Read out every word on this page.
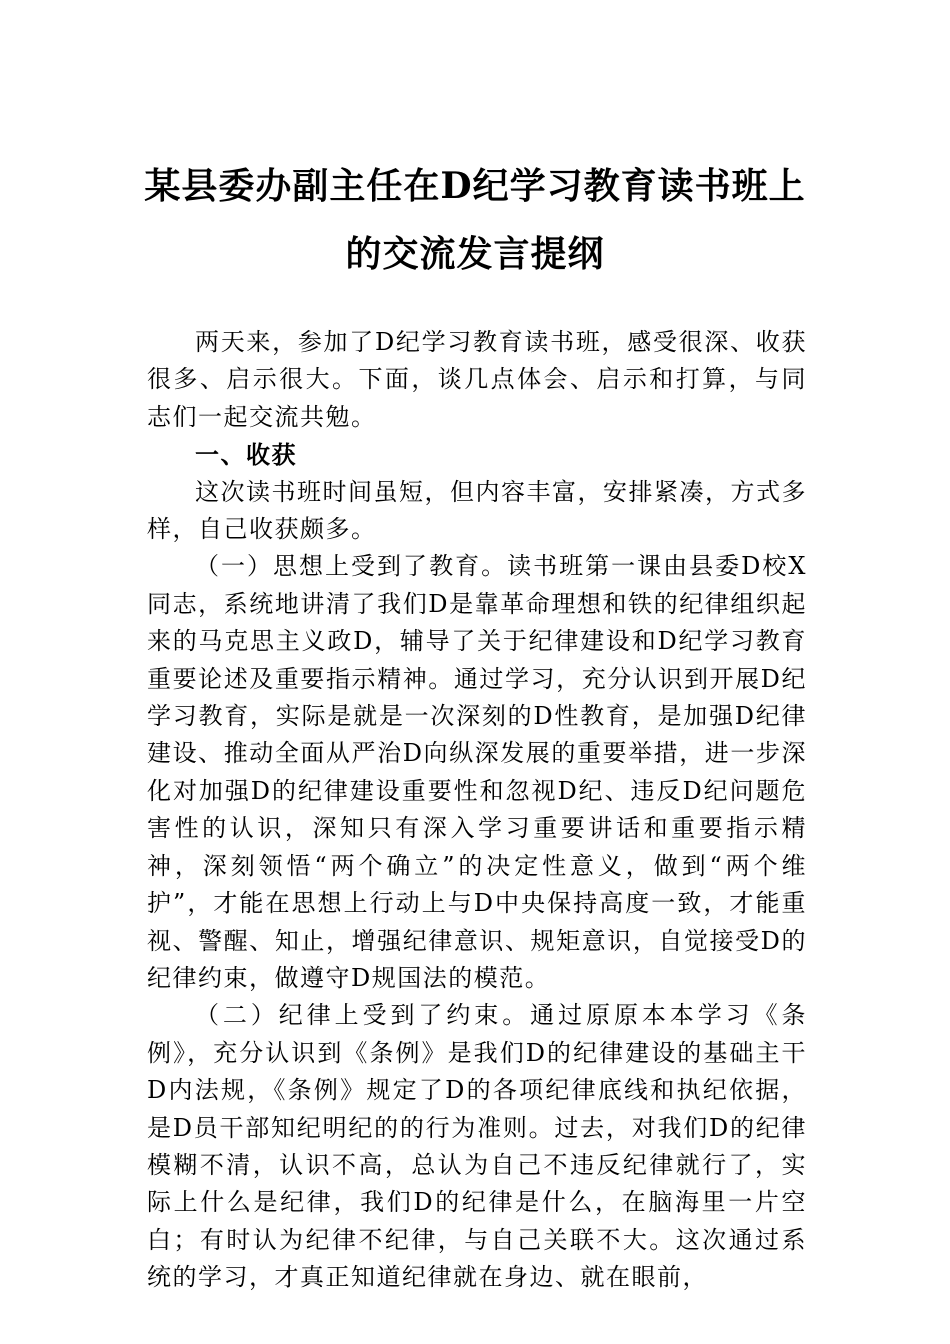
某县委办副主任在D纪学习教育读书班上
的交流发言提纲

两天来，参加了D纪学习教育读书班，感受很深、收获很多、启示很大。下面，谈几点体会、启示和打算，与同志们一起交流共勉。

一、收获

这次读书班时间虽短，但内容丰富，安排紧凑，方式多样，自己收获颇多。

（一）思想上受到了教育。读书班第一课由县委D校X同志，系统地讲清了我们D是靠革命理想和铁的纪律组织起来的马克思主义政D，辅导了关于纪律建设和D纪学习教育重要论述及重要指示精神。通过学习，充分认识到开展D纪学习教育，实际是就是一次深刻的D性教育，是加强D纪律建设、推动全面从严治D向纵深发展的重要举措，进一步深化对加强D的纪律建设重要性和忽视D纪、违反D纪问题危害性的认识，深知只有深入学习重要讲话和重要指示精神，深刻领悟“两个确立”的决定性意义，做到“两个维护”，才能在思想上行动上与D中央保持高度一致，才能重视、警醒、知止，增强纪律意识、规矩意识，自觉接受D的纪律约束，做遵守D规国法的模范。

（二）纪律上受到了约束。通过原原本本学习《条例》，充分认识到《条例》是我们D的纪律建设的基础主干D内法规，《条例》规定了D的各项纪律底线和执纪依据，是D员干部知纪明纪的的行为准则。过去，对我们D的纪律模糊不清，认识不高，总认为自己不违反纪律就行了，实际上什么是纪律，我们D的纪律是什么，在脑海里一片空白；有时认为纪律不纪律，与自己关联不大。这次通过系统的学习，才真正知道纪律就在身边、就在眼前，
